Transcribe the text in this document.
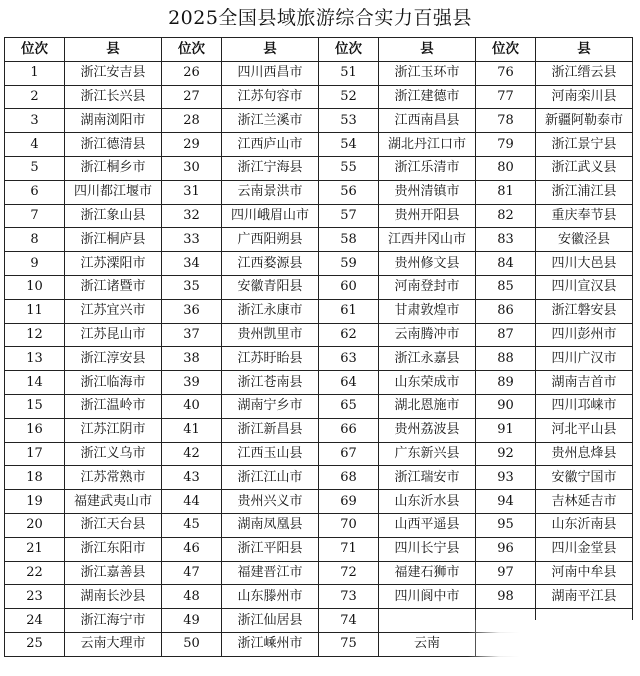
2025全国县域旅游综合实力百强县
位次	县	位次	县	位次	县	位次	县
1	浙江安吉县	26	四川西昌市	51	浙江玉环市	76	浙江缙云县
2	浙江长兴县	27	江苏句容市	52	浙江建德市	77	河南栾川县
3	湖南浏阳市	28	浙江兰溪市	53	江西南昌县	78	新疆阿勒泰市
4	浙江德清县	29	江西庐山市	54	湖北丹江口市	79	浙江景宁县
5	浙江桐乡市	30	浙江宁海县	55	浙江乐清市	80	浙江武义县
6	四川都江堰市	31	云南景洪市	56	贵州清镇市	81	浙江浦江县
7	浙江象山县	32	四川峨眉山市	57	贵州开阳县	82	重庆奉节县
8	浙江桐庐县	33	广西阳朔县	58	江西井冈山市	83	安徽泾县
9	江苏溧阳市	34	江西婺源县	59	贵州修文县	84	四川大邑县
10	浙江诸暨市	35	安徽青阳县	60	河南登封市	85	四川宣汉县
11	江苏宜兴市	36	浙江永康市	61	甘肃敦煌市	86	浙江磐安县
12	江苏昆山市	37	贵州凯里市	62	云南腾冲市	87	四川彭州市
13	浙江淳安县	38	江苏盱眙县	63	浙江永嘉县	88	四川广汉市
14	浙江临海市	39	浙江苍南县	64	山东荣成市	89	湖南吉首市
15	浙江温岭市	40	湖南宁乡市	65	湖北恩施市	90	四川邛崃市
16	江苏江阴市	41	浙江新昌县	66	贵州荔波县	91	河北平山县
17	浙江义乌市	42	江西玉山县	67	广东新兴县	92	贵州息烽县
18	江苏常熟市	43	浙江江山市	68	浙江瑞安市	93	安徽宁国市
19	福建武夷山市	44	贵州兴义市	69	山东沂水县	94	吉林延吉市
20	浙江天台县	45	湖南凤凰县	70	山西平遥县	95	山东沂南县
21	浙江东阳市	46	浙江平阳县	71	四川长宁县	96	四川金堂县
22	浙江嘉善县	47	福建晋江市	72	福建石狮市	97	河南中牟县
23	湖南长沙县	48	山东滕州市	73	四川阆中市	98	湖南平江县
24	浙江海宁市	49	浙江仙居县	74			
25	云南大理市	50	浙江嵊州市	75	云南		
